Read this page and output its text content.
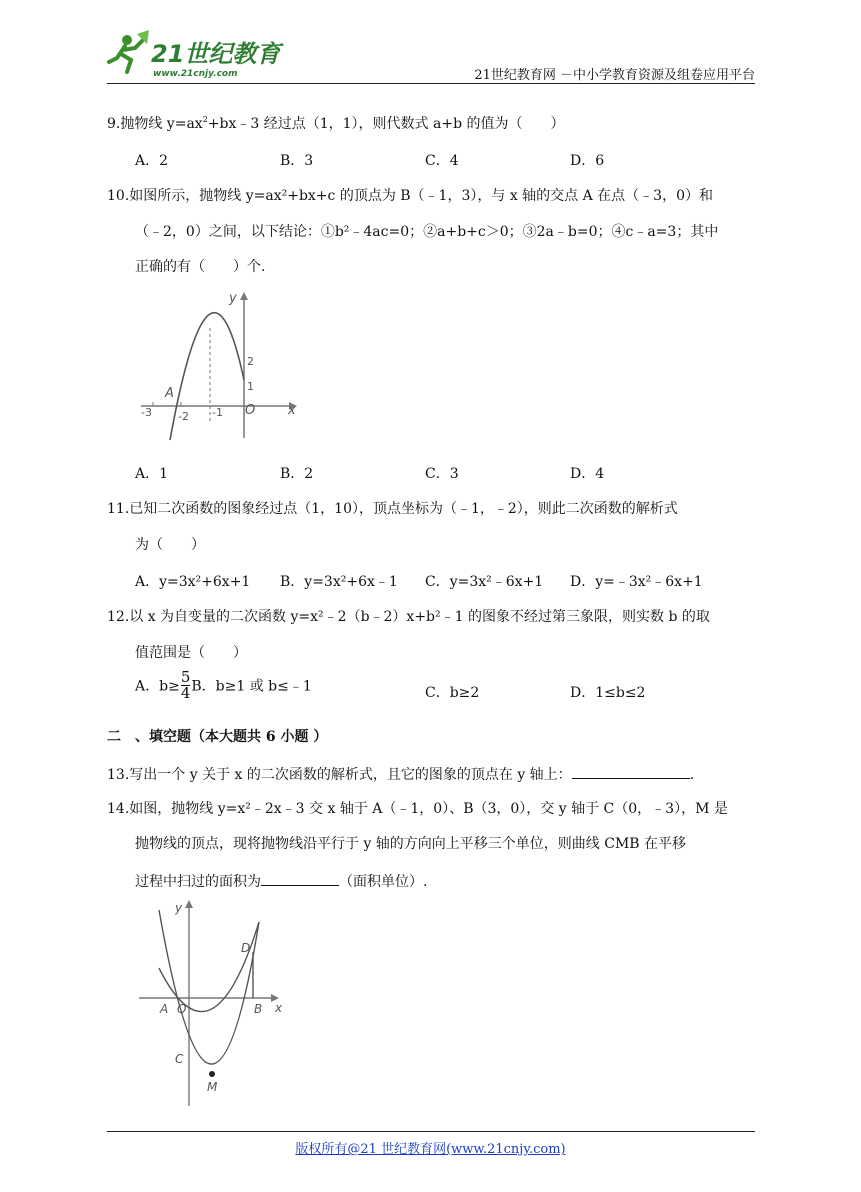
21世纪教育
www.21cnjy.com	21世纪教育网 －中小学教育资源及组卷应用平台
9.抛物线 $y=ax^2+bx﹣3$ 经过点（1，1），则代数式 a+b 的值为（　　）
A．2	B．3	C．4	D．6
10.如图所示，抛物线 y=ax²+bx+c 的顶点为 B（﹣1，3），与 x 轴的交点 A 在点（﹣3，0）和
（﹣2，0）之间，以下结论：①b²﹣4ac=0；②a+b+c＞0；③2a﹣b=0；④c﹣a=3；其中
正确的有（　　）个.
y
x
O
A
-3 -2 -1
1
2
A．1	B．2	C．3	D．4
11.已知二次函数的图象经过点（1，10），顶点坐标为（﹣1，﹣2），则此二次函数的解析式
为（　　）
A．y=3x²+6x+1 B．y=3x²+6x﹣1 C．y=3x²﹣6x+1 D．y=﹣3x²﹣6x+1
12.以 x 为自变量的二次函数 y=x²﹣2（b﹣2）x+b²﹣1 的图象不经过第三象限，则实数 b 的取
值范围是（　　）
A．$b\ge\frac{5}{4}$ B．b≥1 或 b≤﹣1	C．b≥2	D．1≤b≤2
二　、填空题（本大题共 6 小题 ）
13.写出一个 y 关于 x 的二次函数的解析式，且它的图象的顶点在 y 轴上：	.
14.如图，抛物线 y=x²﹣2x﹣3 交 x 轴于 A（﹣1，0）、B（3，0），交 y 轴于 C（0，﹣3），M 是
抛物线的顶点，现将抛物线沿平行于 y 轴的方向向上平移三个单位，则曲线 CMB 在平移
过程中扫过的面积为	（面积单位）.
y
x
A O	B
C
D
M
版权所有@21 世纪教育网(www.21cnjy.com)
